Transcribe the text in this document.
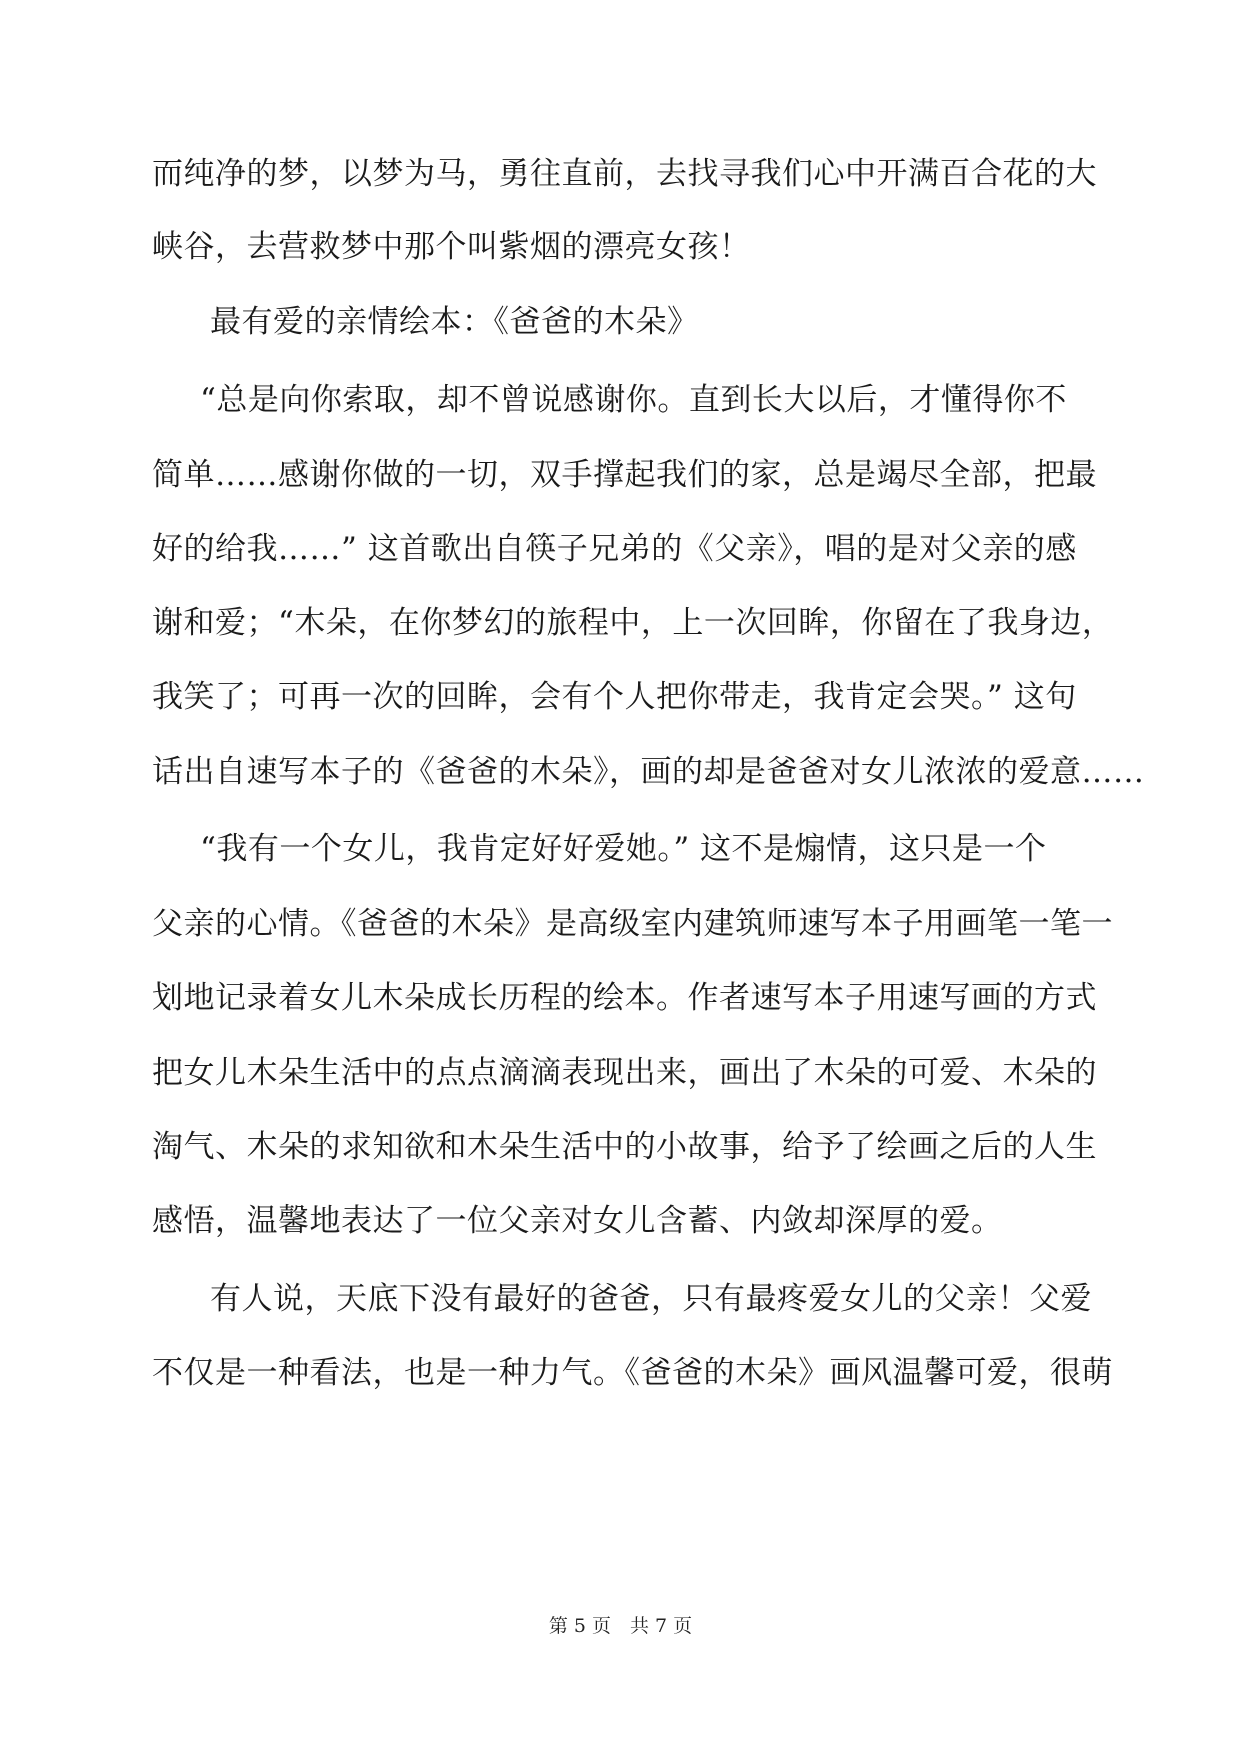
而纯净的梦，以梦为马，勇往直前，去找寻我们心中开满百合花的大
峡谷，去营救梦中那个叫紫烟的漂亮女孩！
最有爱的亲情绘本：《爸爸的木朵》
“总是向你索取，却不曾说感谢你。直到长大以后，才懂得你不
简单……感谢你做的一切，双手撑起我们的家，总是竭尽全部，把最
好的给我……” 这首歌出自筷子兄弟的《父亲》，唱的是对父亲的感
谢和爱；“木朵，在你梦幻的旅程中，上一次回眸，你留在了我身边，
我笑了；可再一次的回眸，会有个人把你带走，我肯定会哭。” 这句
话出自速写本子的《爸爸的木朵》，画的却是爸爸对女儿浓浓的爱意……
“我有一个女儿，我肯定好好爱她。” 这不是煽情，这只是一个
父亲的心情。《爸爸的木朵》是高级室内建筑师速写本子用画笔一笔一
划地记录着女儿木朵成长历程的绘本。作者速写本子用速写画的方式
把女儿木朵生活中的点点滴滴表现出来，画出了木朵的可爱、木朵的
淘气、木朵的求知欲和木朵生活中的小故事，给予了绘画之后的人生
感悟，温馨地表达了一位父亲对女儿含蓄、内敛却深厚的爱。
有人说，天底下没有最好的爸爸，只有最疼爱女儿的父亲！父爱
不仅是一种看法，也是一种力气。《爸爸的木朵》画风温馨可爱，很萌
第 5 页　共 7 页
